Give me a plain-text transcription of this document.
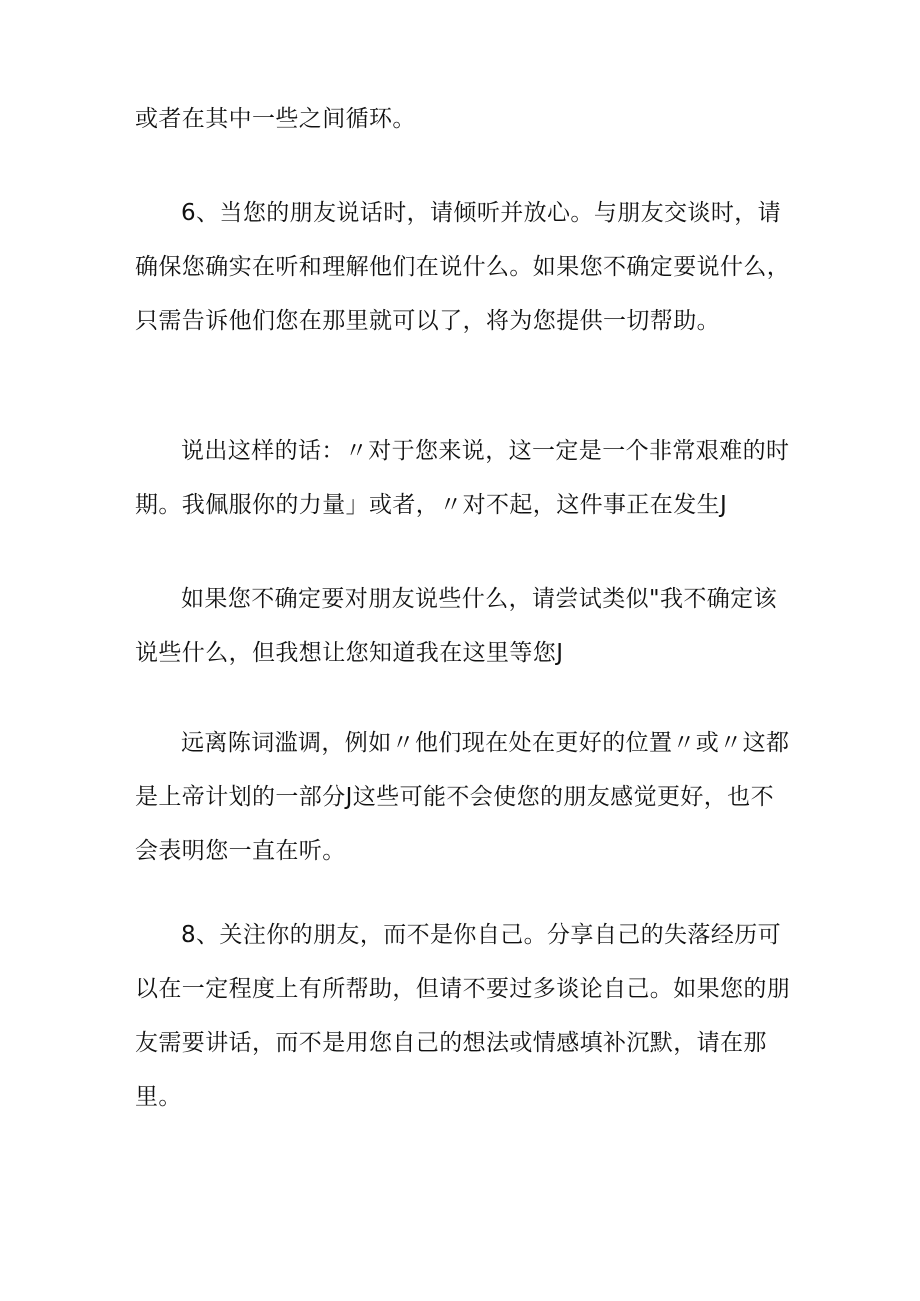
或者在其中一些之间循环。

6、当您的朋友说话时，请倾听并放心。与朋友交谈时，请
确保您确实在听和理解他们在说什么。如果您不确定要说什么，
只需告诉他们您在那里就可以了，将为您提供一切帮助。

说出这样的话：〃对于您来说，这一定是一个非常艰难的时
期。我佩服你的力量」或者，〃对不起，这件事正在发生J

如果您不确定要对朋友说些什么，请尝试类似"我不确定该
说些什么，但我想让您知道我在这里等您J

远离陈词滥调，例如〃他们现在处在更好的位置〃或〃这都
是上帝计划的一部分J这些可能不会使您的朋友感觉更好，也不
会表明您一直在听。

8、关注你的朋友，而不是你自己。分享自己的失落经历可
以在一定程度上有所帮助，但请不要过多谈论自己。如果您的朋
友需要讲话，而不是用您自己的想法或情感填补沉默，请在那
里。
